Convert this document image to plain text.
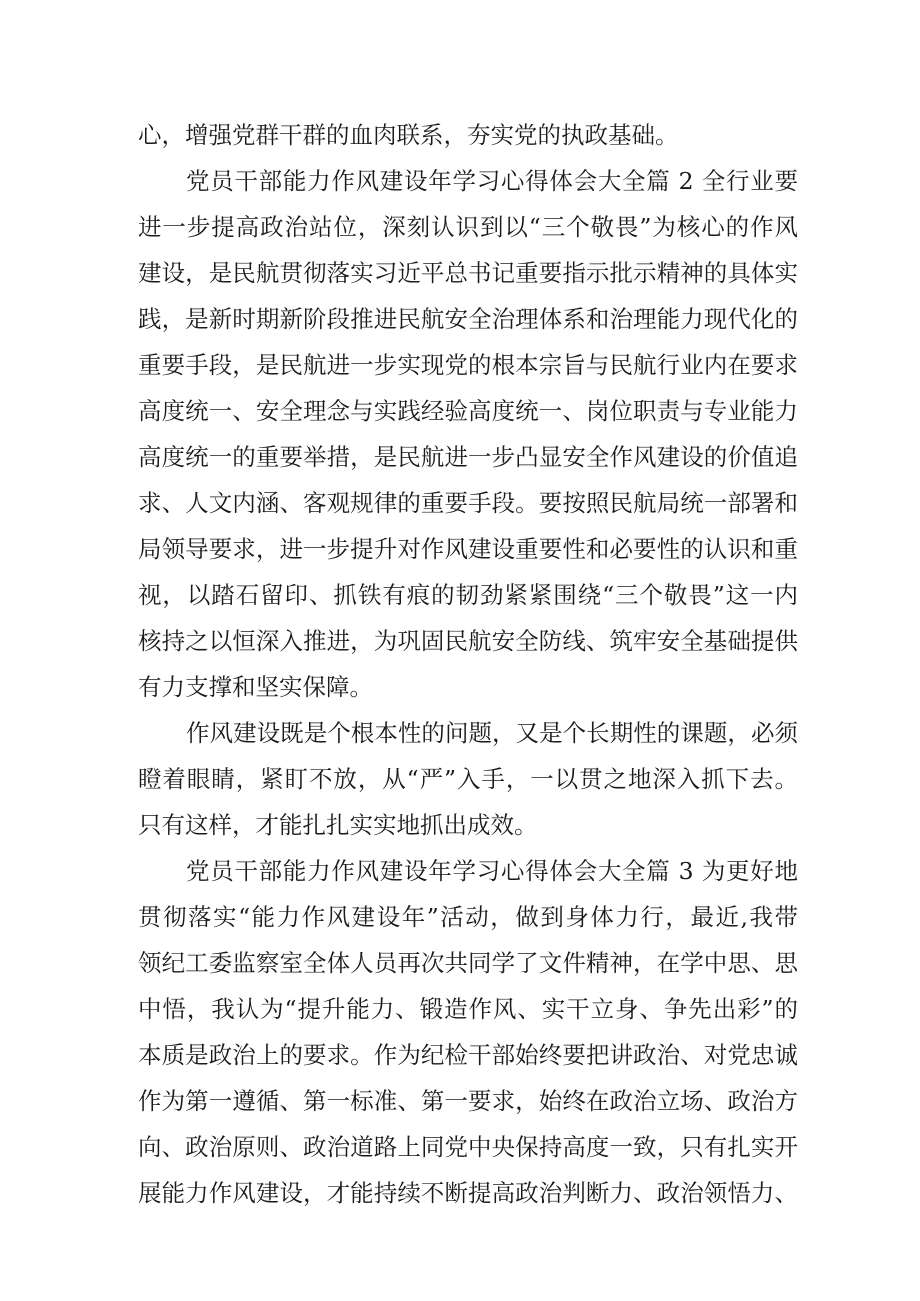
心，增强党群干群的血肉联系，夯实党的执政基础。
党员干部能力作风建设年学习心得体会大全篇 2 全行业要
进一步提高政治站位，深刻认识到以“三个敬畏”为核心的作风
建设，是民航贯彻落实习近平总书记重要指示批示精神的具体实
践，是新时期新阶段推进民航安全治理体系和治理能力现代化的
重要手段，是民航进一步实现党的根本宗旨与民航行业内在要求
高度统一、安全理念与实践经验高度统一、岗位职责与专业能力
高度统一的重要举措，是民航进一步凸显安全作风建设的价值追
求、人文内涵、客观规律的重要手段。要按照民航局统一部署和
局领导要求，进一步提升对作风建设重要性和必要性的认识和重
视，以踏石留印、抓铁有痕的韧劲紧紧围绕“三个敬畏”这一内
核持之以恒深入推进，为巩固民航安全防线、筑牢安全基础提供
有力支撑和坚实保障。
作风建设既是个根本性的问题，又是个长期性的课题，必须
瞪着眼睛，紧盯不放，从“严”入手，一以贯之地深入抓下去。
只有这样，才能扎扎实实地抓出成效。
党员干部能力作风建设年学习心得体会大全篇 3 为更好地
贯彻落实“能力作风建设年”活动，做到身体力行，最近,我带
领纪工委监察室全体人员再次共同学了文件精神，在学中思、思
中悟，我认为“提升能力、锻造作风、实干立身、争先出彩”的
本质是政治上的要求。作为纪检干部始终要把讲政治、对党忠诚
作为第一遵循、第一标准、第一要求，始终在政治立场、政治方
向、政治原则、政治道路上同党中央保持高度一致，只有扎实开
展能力作风建设，才能持续不断提高政治判断力、政治领悟力、
